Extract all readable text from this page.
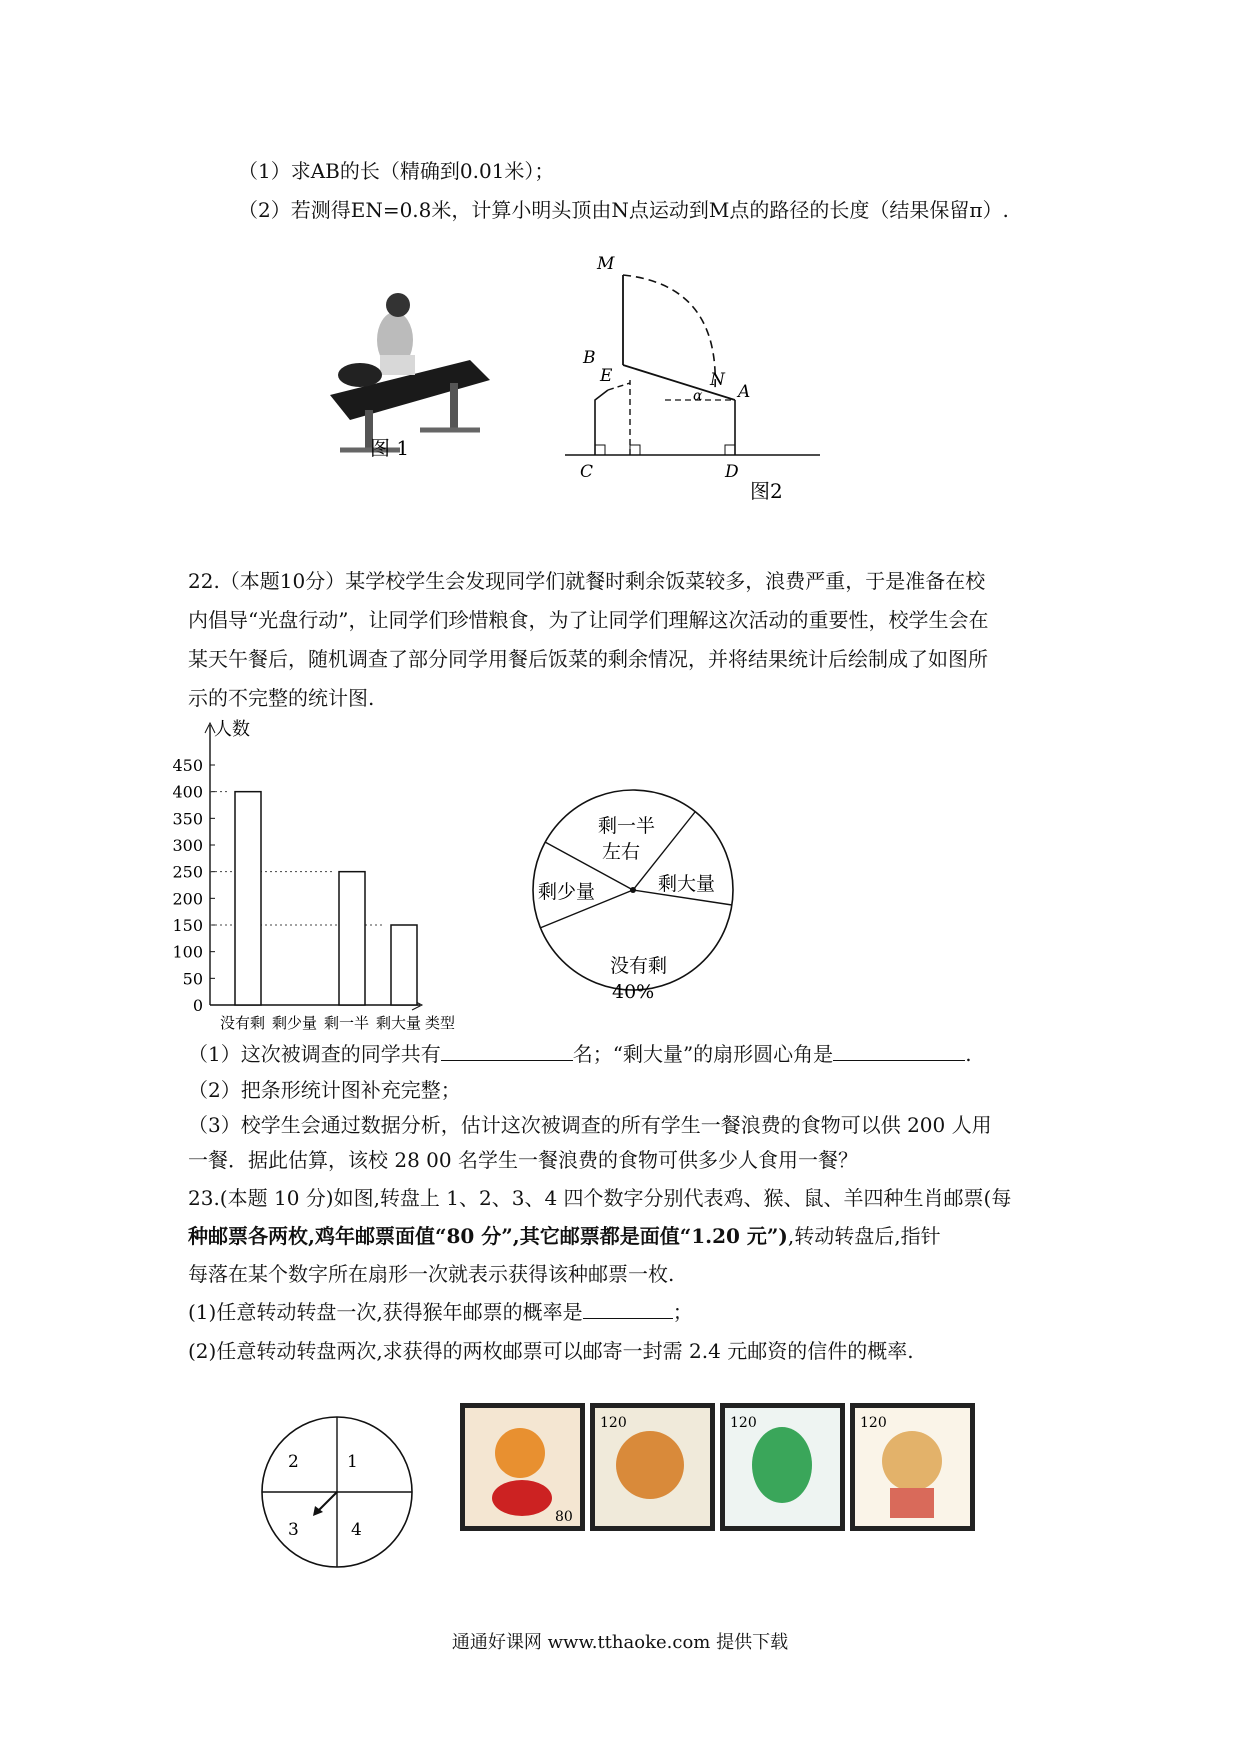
（1）求AB的长（精确到0.01米）；
（2）若测得EN=0.8米，计算小明头顶由N点运动到M点的路径的长度（结果保留π）.
图 1
M
B
E	N
A
C	D
α
图2
22.（本题10分）某学校学生会发现同学们就餐时剩余饭菜较多，浪费严重，于是准备在校
内倡导“光盘行动”，让同学们珍惜粮食，为了让同学们理解这次活动的重要性，校学生会在
某天午餐后，随机调查了部分同学用餐后饭菜的剩余情况，并将结果统计后绘制成了如图所
示的不完整的统计图.
人数
0
50
100
150
200
250
300
350
400
450
没有剩 剩少量 剩一半 剩大量 类型
剩一半
左右
剩大量
剩少量
没有剩
40%
（1）这次被调查的同学共有	名；“剩大量”的扇形圆心角是	.
（2）把条形统计图补充完整；
（3）校学生会通过数据分析，估计这次被调查的所有学生一餐浪费的食物可以供 200 人用
一餐．据此估算，该校 28 00 名学生一餐浪费的食物可供多少人食用一餐？
23.(本题 10 分)如图,转盘上 1、2、3、4 四个数字分别代表鸡、猴、鼠、羊四种生肖邮票(每
种邮票各两枚,鸡年邮票面值“80 分”,其它邮票都是面值“1.20 元”),转动转盘后,指针
每落在某个数字所在扇形一次就表示获得该种邮票一枚.
(1)任意转动转盘一次,获得猴年邮票的概率是	；
(2)任意转动转盘两次,求获得的两枚邮票可以邮寄一封需 2.4 元邮资的信件的概率.
1
2
3	4
80
120	120	120
通通好课网 www.tthaoke.com 提供下载
